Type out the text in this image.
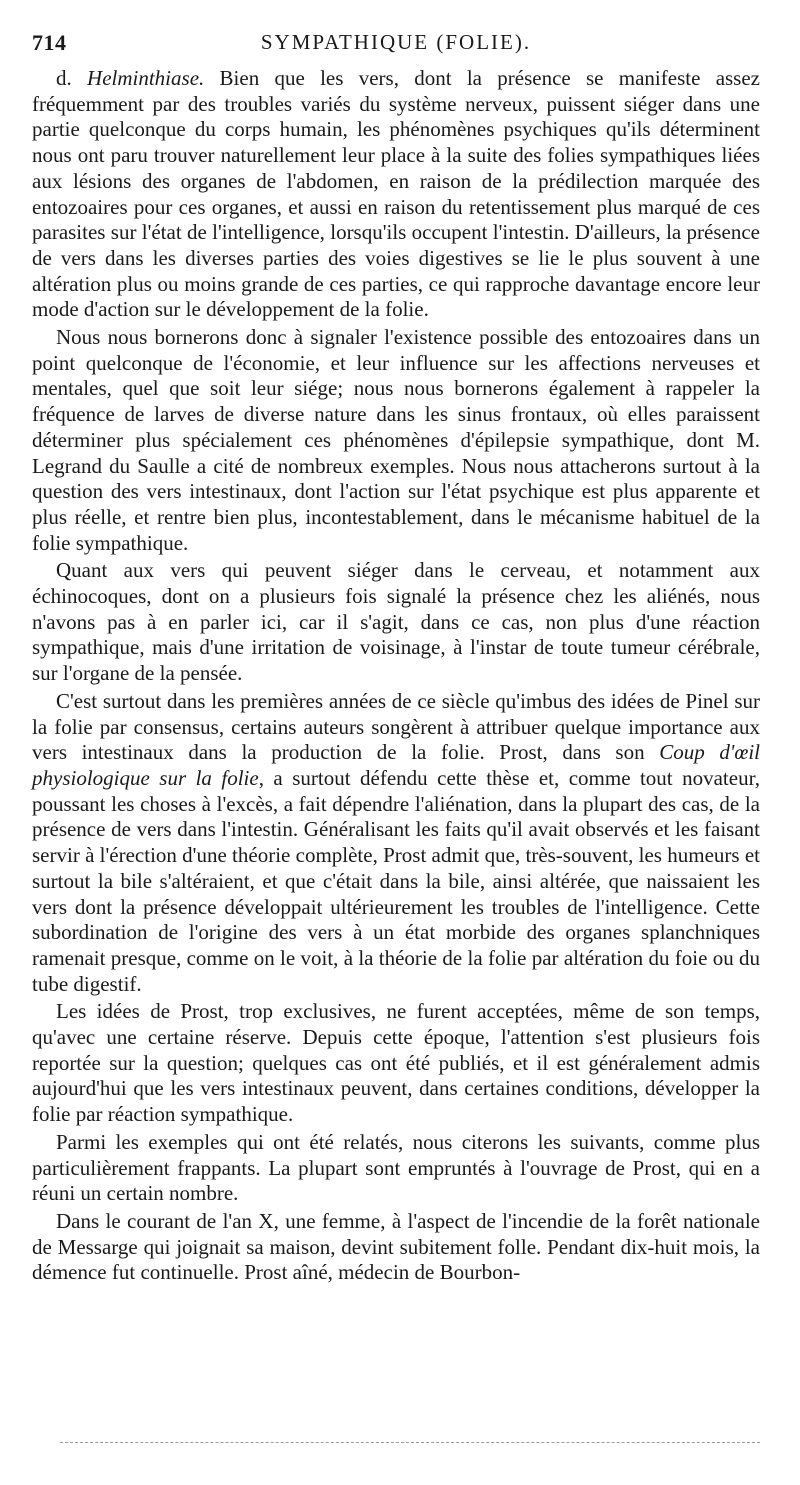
714	SYMPATHIQUE (FOLIE).

d. Helminthiase. Bien que les vers, dont la présence se manifeste assez fréquemment par des troubles variés du système nerveux, puissent siéger dans une partie quelconque du corps humain, les phénomènes psychiques qu'ils déterminent nous ont paru trouver naturellement leur place à la suite des folies sympathiques liées aux lésions des organes de l'abdomen, en raison de la prédilection marquée des entozoaires pour ces organes, et aussi en raison du retentissement plus marqué de ces parasites sur l'état de l'intelligence, lorsqu'ils occupent l'intestin. D'ailleurs, la présence de vers dans les diverses parties des voies digestives se lie le plus souvent à une altération plus ou moins grande de ces parties, ce qui rapproche davantage encore leur mode d'action sur le développement de la folie.

Nous nous bornerons donc à signaler l'existence possible des entozoaires dans un point quelconque de l'économie, et leur influence sur les affections nerveuses et mentales, quel que soit leur siége; nous nous bornerons également à rappeler la fréquence de larves de diverse nature dans les sinus frontaux, où elles paraissent déterminer plus spécialement ces phénomènes d'épilepsie sympathique, dont M. Legrand du Saulle a cité de nombreux exemples. Nous nous attacherons surtout à la question des vers intestinaux, dont l'action sur l'état psychique est plus apparente et plus réelle, et rentre bien plus, incontestablement, dans le mécanisme habituel de la folie sympathique.

Quant aux vers qui peuvent siéger dans le cerveau, et notamment aux échinocoques, dont on a plusieurs fois signalé la présence chez les aliénés, nous n'avons pas à en parler ici, car il s'agit, dans ce cas, non plus d'une réaction sympathique, mais d'une irritation de voisinage, à l'instar de toute tumeur cérébrale, sur l'organe de la pensée.

C'est surtout dans les premières années de ce siècle qu'imbus des idées de Pinel sur la folie par consensus, certains auteurs songèrent à attribuer quelque importance aux vers intestinaux dans la production de la folie. Prost, dans son Coup d'œil physiologique sur la folie, a surtout défendu cette thèse et, comme tout novateur, poussant les choses à l'excès, a fait dépendre l'aliénation, dans la plupart des cas, de la présence de vers dans l'intestin. Généralisant les faits qu'il avait observés et les faisant servir à l'érection d'une théorie complète, Prost admit que, très-souvent, les humeurs et surtout la bile s'altéraient, et que c'était dans la bile, ainsi altérée, que naissaient les vers dont la présence développait ultérieurement les troubles de l'intelligence. Cette subordination de l'origine des vers à un état morbide des organes splanchniques ramenait presque, comme on le voit, à la théorie de la folie par altération du foie ou du tube digestif.

Les idées de Prost, trop exclusives, ne furent acceptées, même de son temps, qu'avec une certaine réserve. Depuis cette époque, l'attention s'est plusieurs fois reportée sur la question; quelques cas ont été publiés, et il est généralement admis aujourd'hui que les vers intestinaux peuvent, dans certaines conditions, développer la folie par réaction sympathique.

Parmi les exemples qui ont été relatés, nous citerons les suivants, comme plus particulièrement frappants. La plupart sont empruntés à l'ouvrage de Prost, qui en a réuni un certain nombre.

Dans le courant de l'an X, une femme, à l'aspect de l'incendie de la forêt nationale de Messarge qui joignait sa maison, devint subitement folle. Pendant dix-huit mois, la démence fut continuelle. Prost aîné, médecin de Bourbon-
